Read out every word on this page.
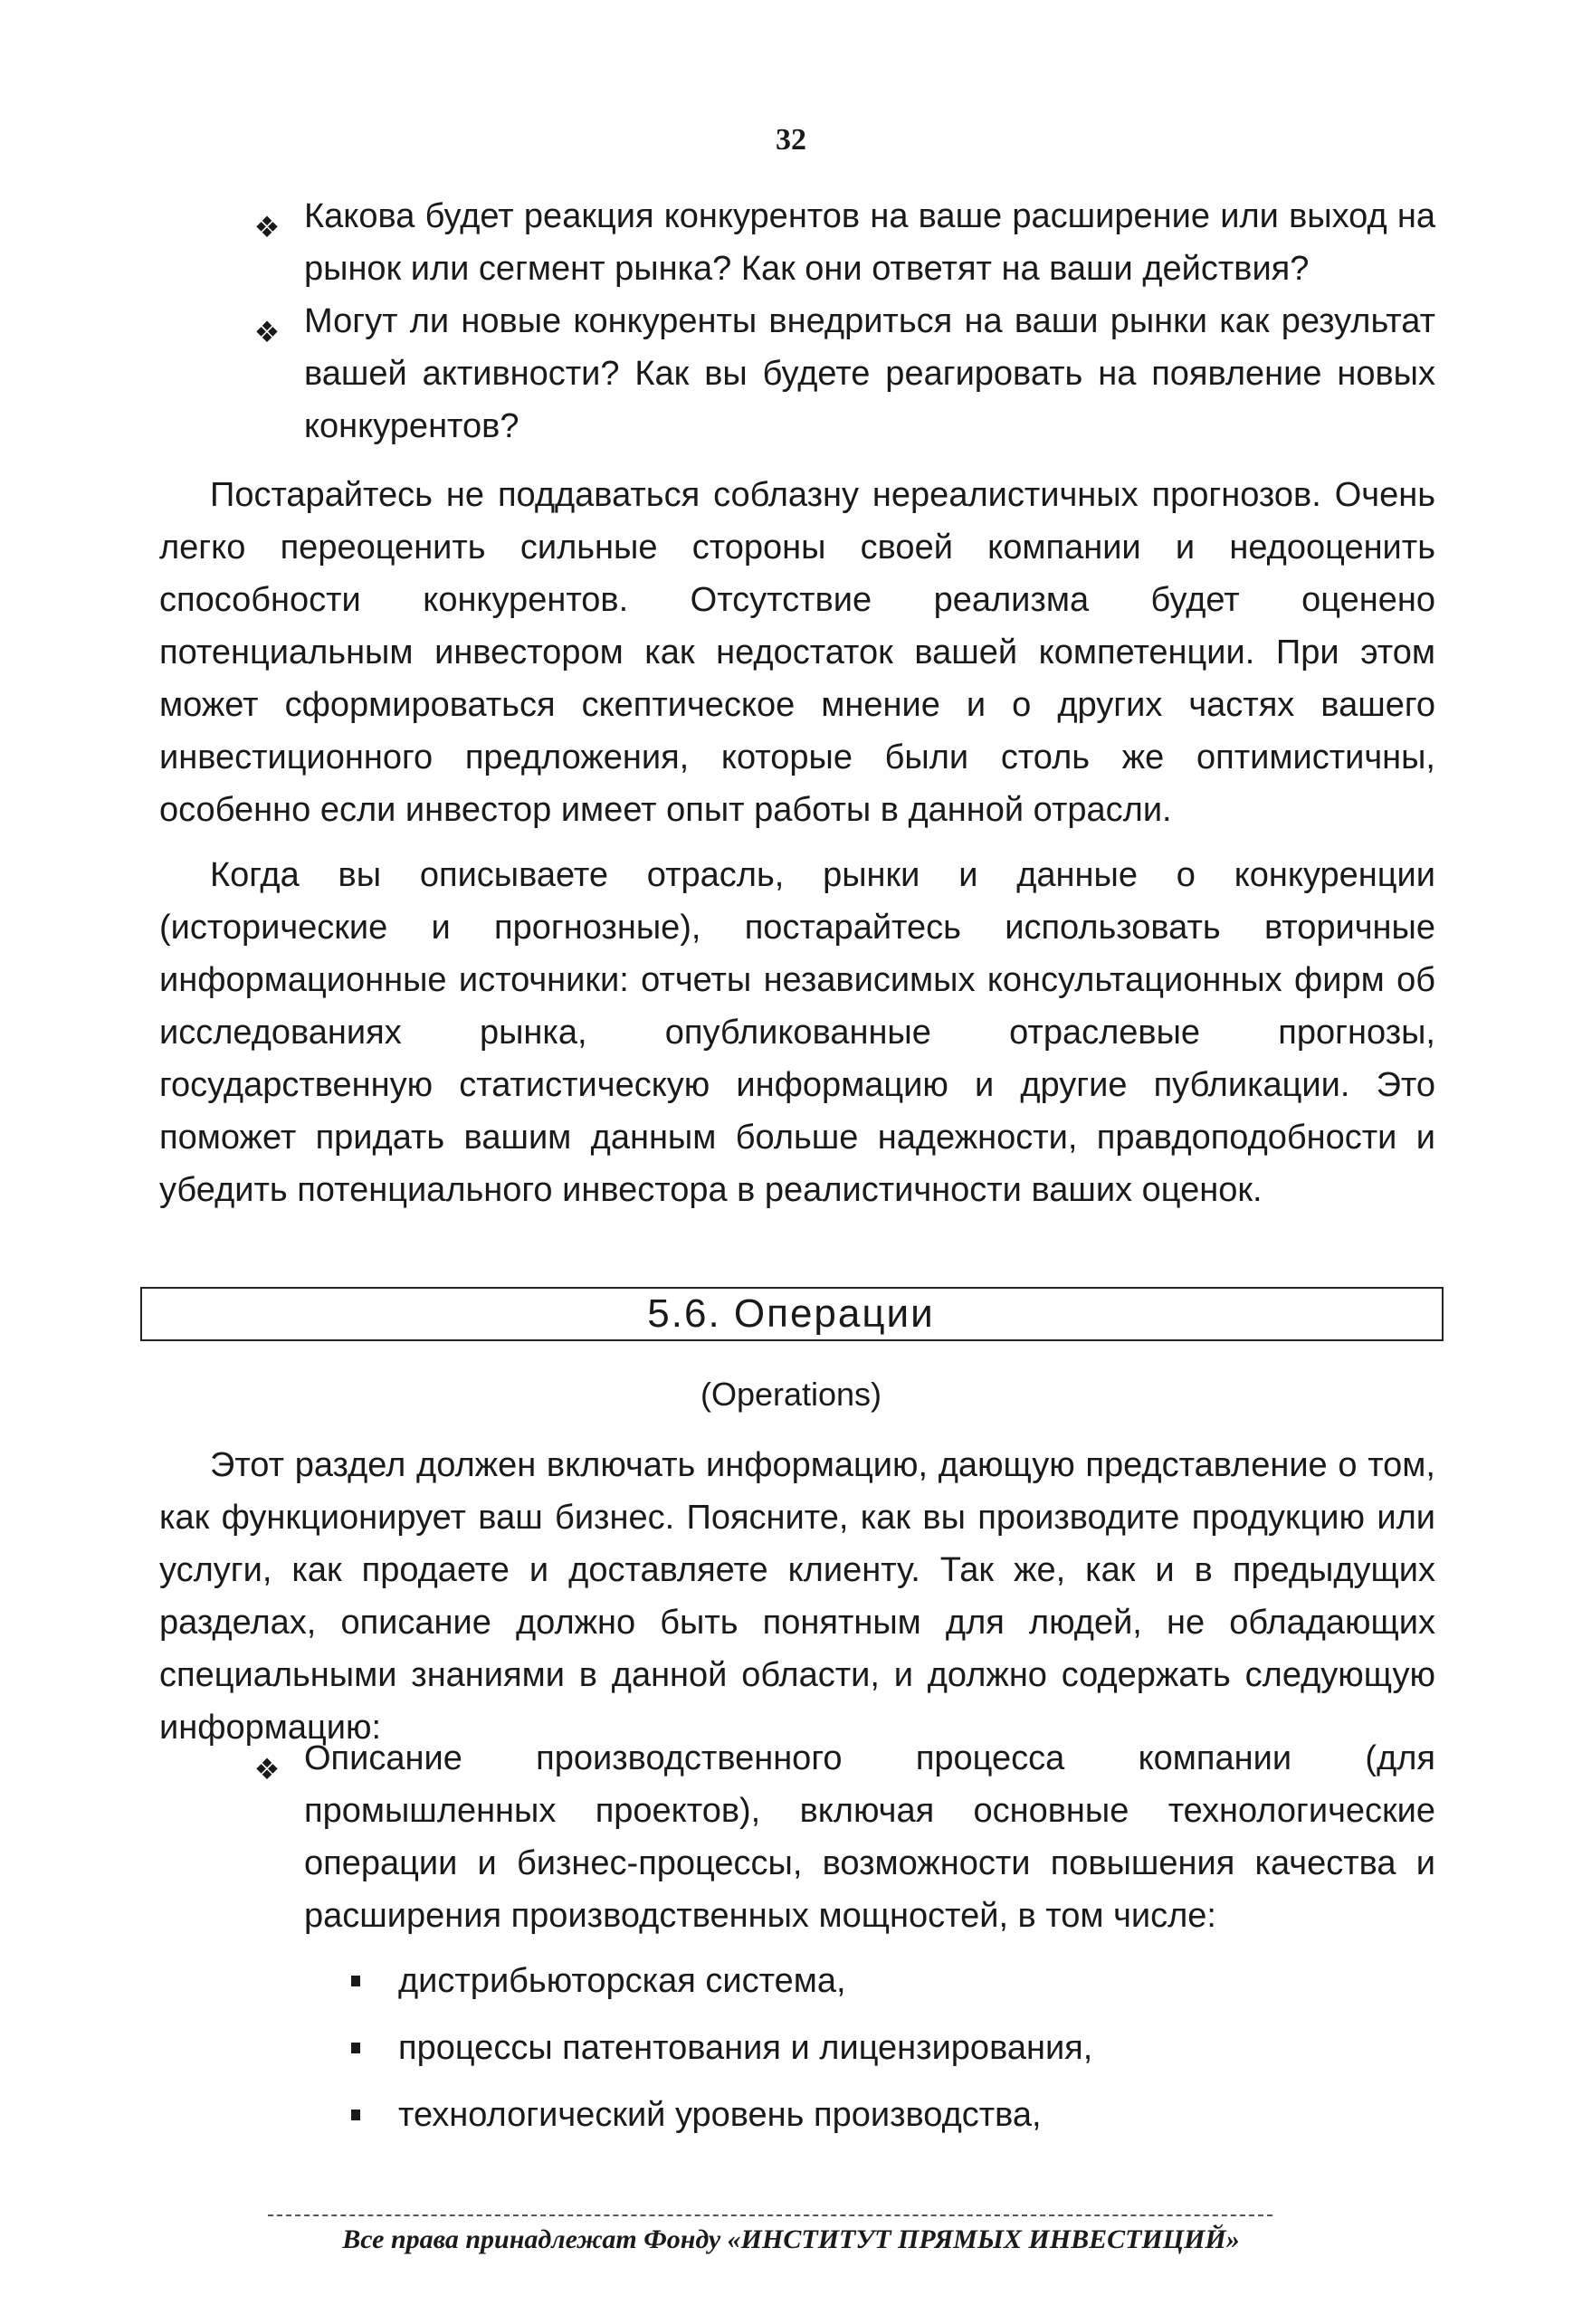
32
❖ Какова будет реакция конкурентов на ваше расширение или выход на рынок или сегмент рынка? Как они ответят на ваши действия?
❖ Могут ли новые конкуренты внедриться на ваши рынки как результат вашей активности? Как вы будете реагировать на появление новых конкурентов?
Постарайтесь не поддаваться соблазну нереалистичных прогнозов. Очень легко переоценить сильные стороны своей компании и недооценить способности конкурентов. Отсутствие реализма будет оценено потенциальным инвестором как недостаток вашей компетенции. При этом может сформироваться скептическое мнение и о других частях вашего инвестиционного предложения, которые были столь же оптимистичны, особенно если инвестор имеет опыт работы в данной отрасли.
Когда вы описываете отрасль, рынки и данные о конкуренции (исторические и прогнозные), постарайтесь использовать вторичные информационные источники: отчеты независимых консультационных фирм об исследованиях рынка, опубликованные отраслевые прогнозы, государственную статистическую информацию и другие публикации. Это поможет придать вашим данным больше надежности, правдоподобности и убедить потенциального инвестора в реалистичности ваших оценок.
5.6. Операции
(Operations)
Этот раздел должен включать информацию, дающую представление о том, как функционирует ваш бизнес. Поясните, как вы производите продукцию или услуги, как продаете и доставляете клиенту. Так же, как и в предыдущих разделах, описание должно быть понятным для людей, не обладающих специальными знаниями в данной области, и должно содержать следующую информацию:
❖ Описание производственного процесса компании (для промышленных проектов), включая основные технологические операции и бизнес-процессы, возможности повышения качества и расширения производственных мощностей, в том числе:
дистрибьюторская система,
процессы патентования и лицензирования,
технологический уровень производства,
Все права принадлежат Фонду «ИНСТИТУТ ПРЯМЫХ ИНВЕСТИЦИЙ»
